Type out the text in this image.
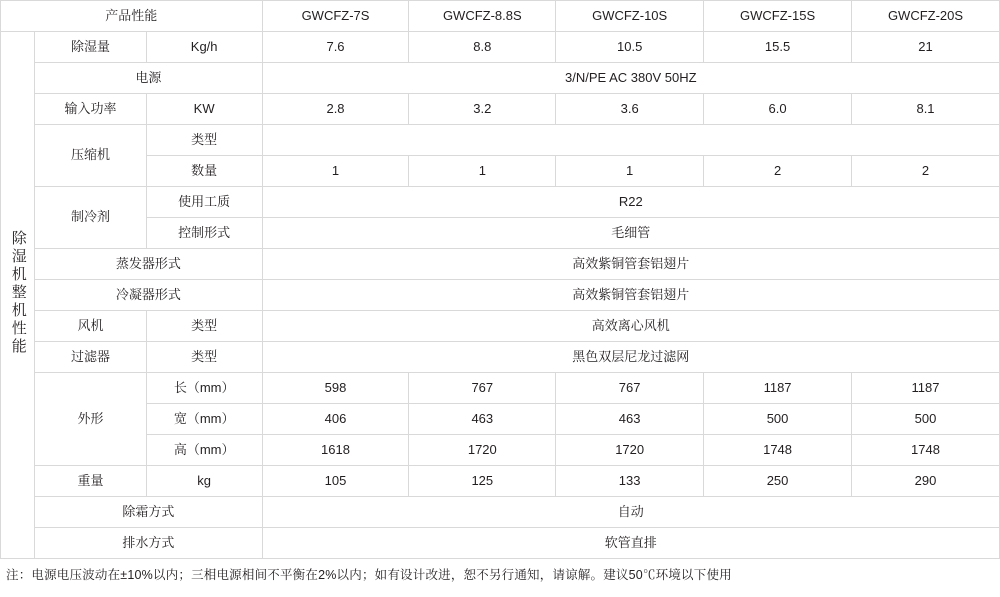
产品性能			GWCFZ-7S	GWCFZ-8.8S	GWCFZ-10S	GWCFZ-15S	GWCFZ-20S
除湿机整机性能	除湿量	Kg/h	7.6	8.8	10.5	15.5	21
	电源		3/N/PE AC 380V 50HZ				
	输入功率	KW	2.8	3.2	3.6	6.0	8.1
	压缩机	类型					
		数量	1	1	1	2	2
	制冷剂	使用工质	R22				
		控制形式	毛细管				
	蒸发器形式		高效紫铜管套铝翅片				
	冷凝器形式		高效紫铜管套铝翅片				
	风机	类型	高效离心风机				
	过滤器	类型	黑色双层尼龙过滤网				
	外形	长（mm）	598	767	767	1187	1187
		宽（mm）	406	463	463	500	500
		高（mm）	1618	1720	1720	1748	1748
	重量	kg	105	125	133	250	290
	除霜方式		自动				
	排水方式		软管直排				
注：电源电压波动在±10%以内；三相电源相间不平衡在2%以内；如有设计改进，恕不另行通知，请谅解。建议50℃环境以下使用
